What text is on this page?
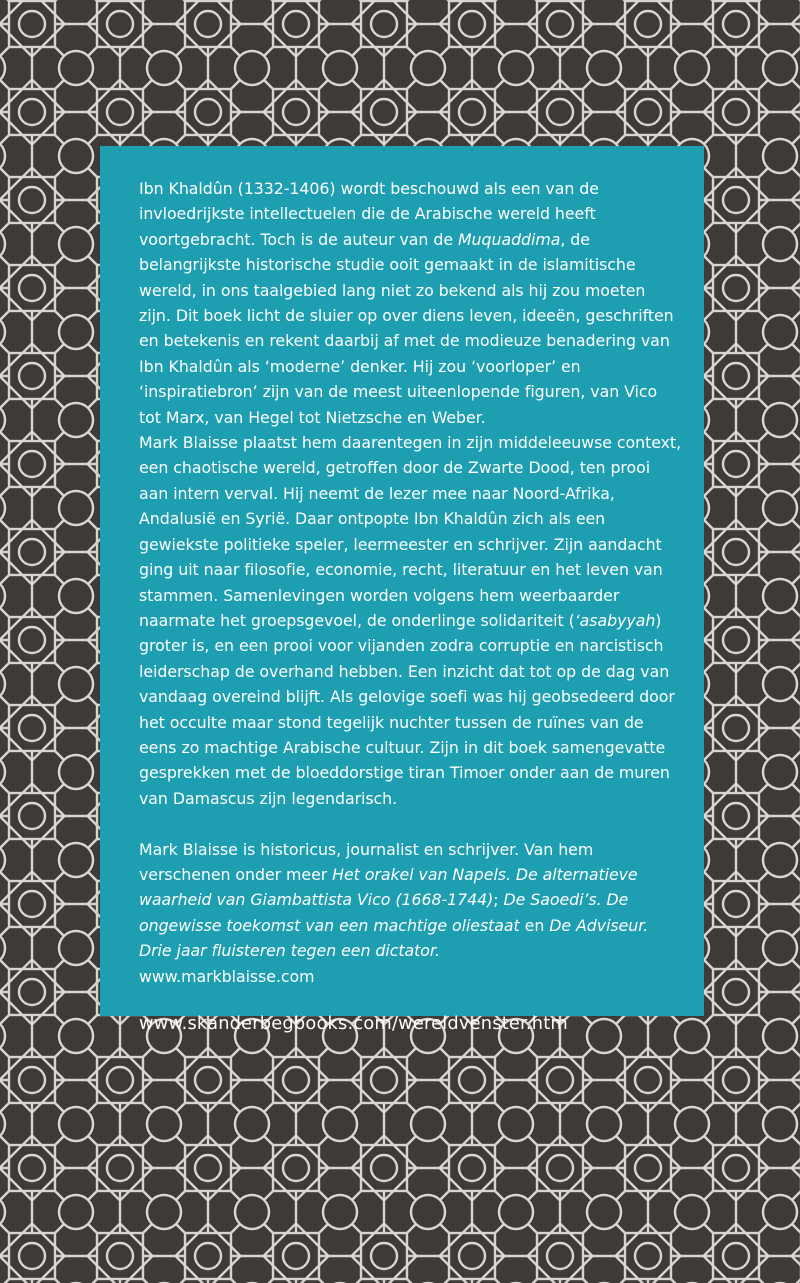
Ibn Khaldûn (1332-1406) wordt beschouwd als een van de invloedrijkste intellectuelen die de Arabische wereld heeft voortgebracht. Toch is de auteur van de Muquaddima, de belangrijkste historische studie ooit gemaakt in de islamitische wereld, in ons taalgebied lang niet zo bekend als hij zou moeten zijn. Dit boek licht de sluier op over diens leven, ideeën, geschriften en betekenis en rekent daarbij af met de modieuze benadering van Ibn Khaldûn als ‘moderne’ denker. Hij zou ‘voorloper’ en ‘inspiratiebron’ zijn van de meest uiteenlopende figuren, van Vico tot Marx, van Hegel tot Nietzsche en Weber.

Mark Blaisse plaatst hem daarentegen in zijn middeleeuwse context, een chaotische wereld, getroffen door de Zwarte Dood, ten prooi aan intern verval. Hij neemt de lezer mee naar Noord-Afrika, Andalusië en Syrië. Daar ontpopte Ibn Khaldûn zich als een gewiekste politieke speler, leermeester en schrijver. Zijn aandacht ging uit naar filosofie, economie, recht, literatuur en het leven van stammen. Samenlevingen worden volgens hem weerbaarder naarmate het groepsgevoel, de onderlinge solidariteit (‘asabyyah) groter is, en een prooi voor vijanden zodra corruptie en narcistisch leiderschap de overhand hebben. Een inzicht dat tot op de dag van vandaag overeind blijft. Als gelovige soefi was hij geobsedeerd door het occulte maar stond tegelijk nuchter tussen de ruïnes van de eens zo machtige Arabische cultuur. Zijn in dit boek samengevatte gesprekken met de bloeddorstige tiran Timoer onder aan de muren van Damascus zijn legendarisch.

Mark Blaisse is historicus, journalist en schrijver. Van hem verschenen onder meer Het orakel van Napels. De alternatieve waarheid van Giambattista Vico (1668-1744); De Saoedi’s. De ongewisse toekomst van een machtige oliestaat en De Adviseur. Drie jaar fluisteren tegen een dictator.

www.markblaisse.com

www.skanderbegbooks.com/wereldvenster.htm
